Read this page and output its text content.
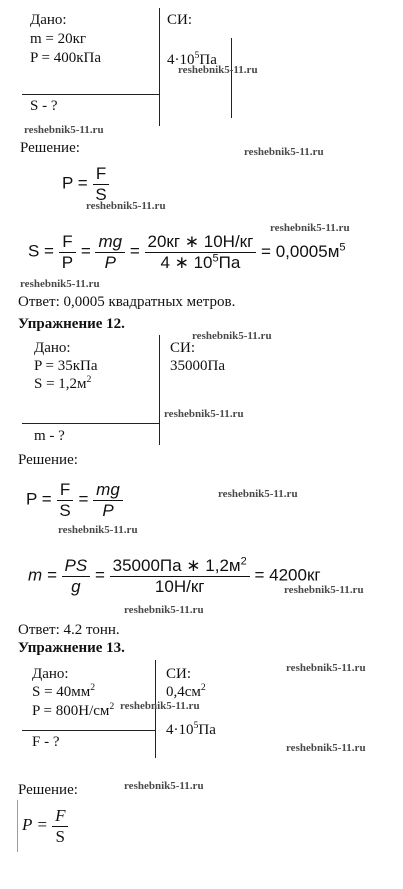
Дано:
m = 20кг
P = 400кПа
СИ:
$4\cdot 10^5Па$
S - ?
Решение:
$P = \frac{F}{S}$
$S = \frac{F}{P} = \frac{mg}{P} = \frac{20кг ∗ 10Н/кг}{4 ∗ 10^5Па} = 0,0005м^5$
Ответ: 0,0005 квадратных метров.
Упражнение 12.
Дано:
P = 35кПа
$S = 1,2м^2$
СИ:
35000Па
m - ?
Решение:
$P = \frac{F}{S} = \frac{mg}{P}$
$m = \frac{PS}{g} = \frac{35000Па ∗ 1,2м^2}{10Н/кг} = 4200кг$
Ответ: 4.2 тонн.
Упражнение 13.
Дано:
$S = 40мм^2$
$P = 800Н/см^2$
СИ:
$0,4см^2$
$4\cdot 10^5Па$
F - ?
Решение:
$P = \frac{F}{S}$
reshebnik5-11.ru
reshebnik5-11.ru
reshebnik5-11.ru
reshebnik5-11.ru
reshebnik5-11.ru
reshebnik5-11.ru
reshebnik5-11.ru
reshebnik5-11.ru
reshebnik5-11.ru
reshebnik5-11.ru
reshebnik5-11.ru
reshebnik5-11.ru
reshebnik5-11.ru
reshebnik5-11.ru
reshebnik5-11.ru
reshebnik5-11.ru
